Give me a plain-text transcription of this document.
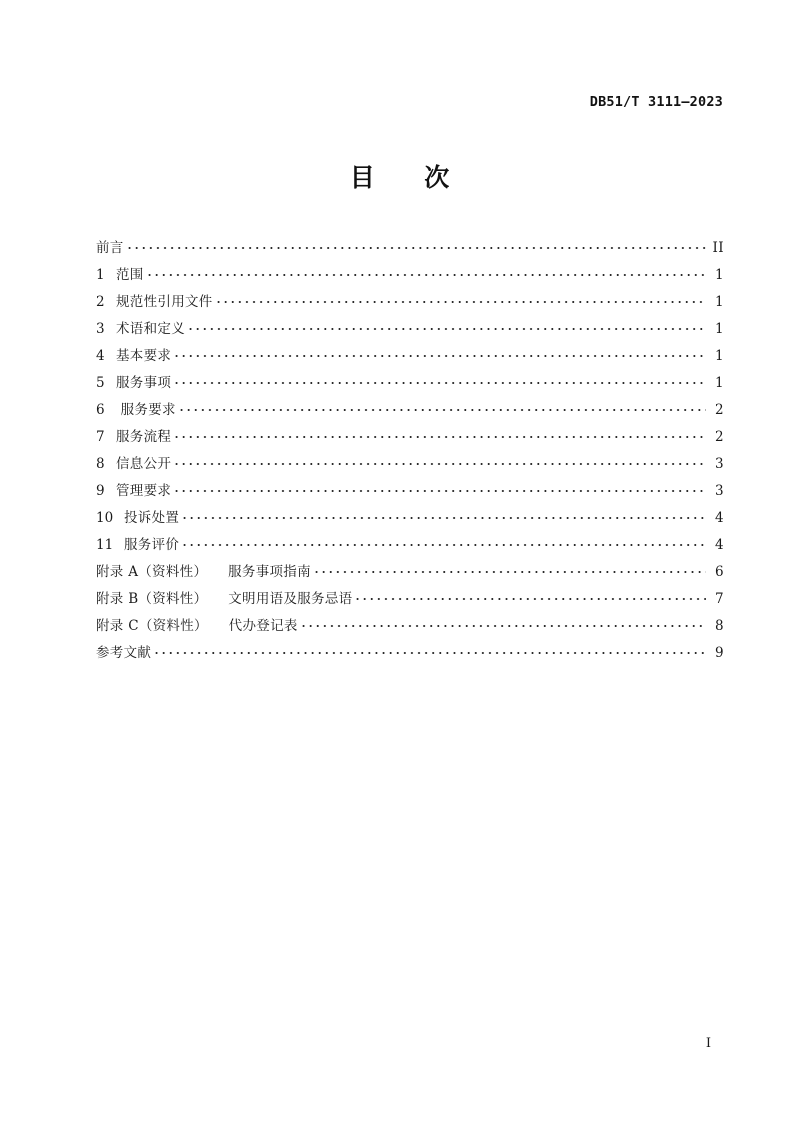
DB51/T 3111—2023
目     次
前言	II
1 范围	1
2 规范性引用文件	1
3 术语和定义	1
4 基本要求	1
5 服务事项	1
6 服务要求	2
7 服务流程	2
8 信息公开	3
9 管理要求	3
10 投诉处置	4
11 服务评价	4
附录 A（资料性）　　服务事项指南	6
附录 B（资料性）　　文明用语及服务忌语	7
附录 C（资料性）　　代办登记表	8
参考文献	9
I
